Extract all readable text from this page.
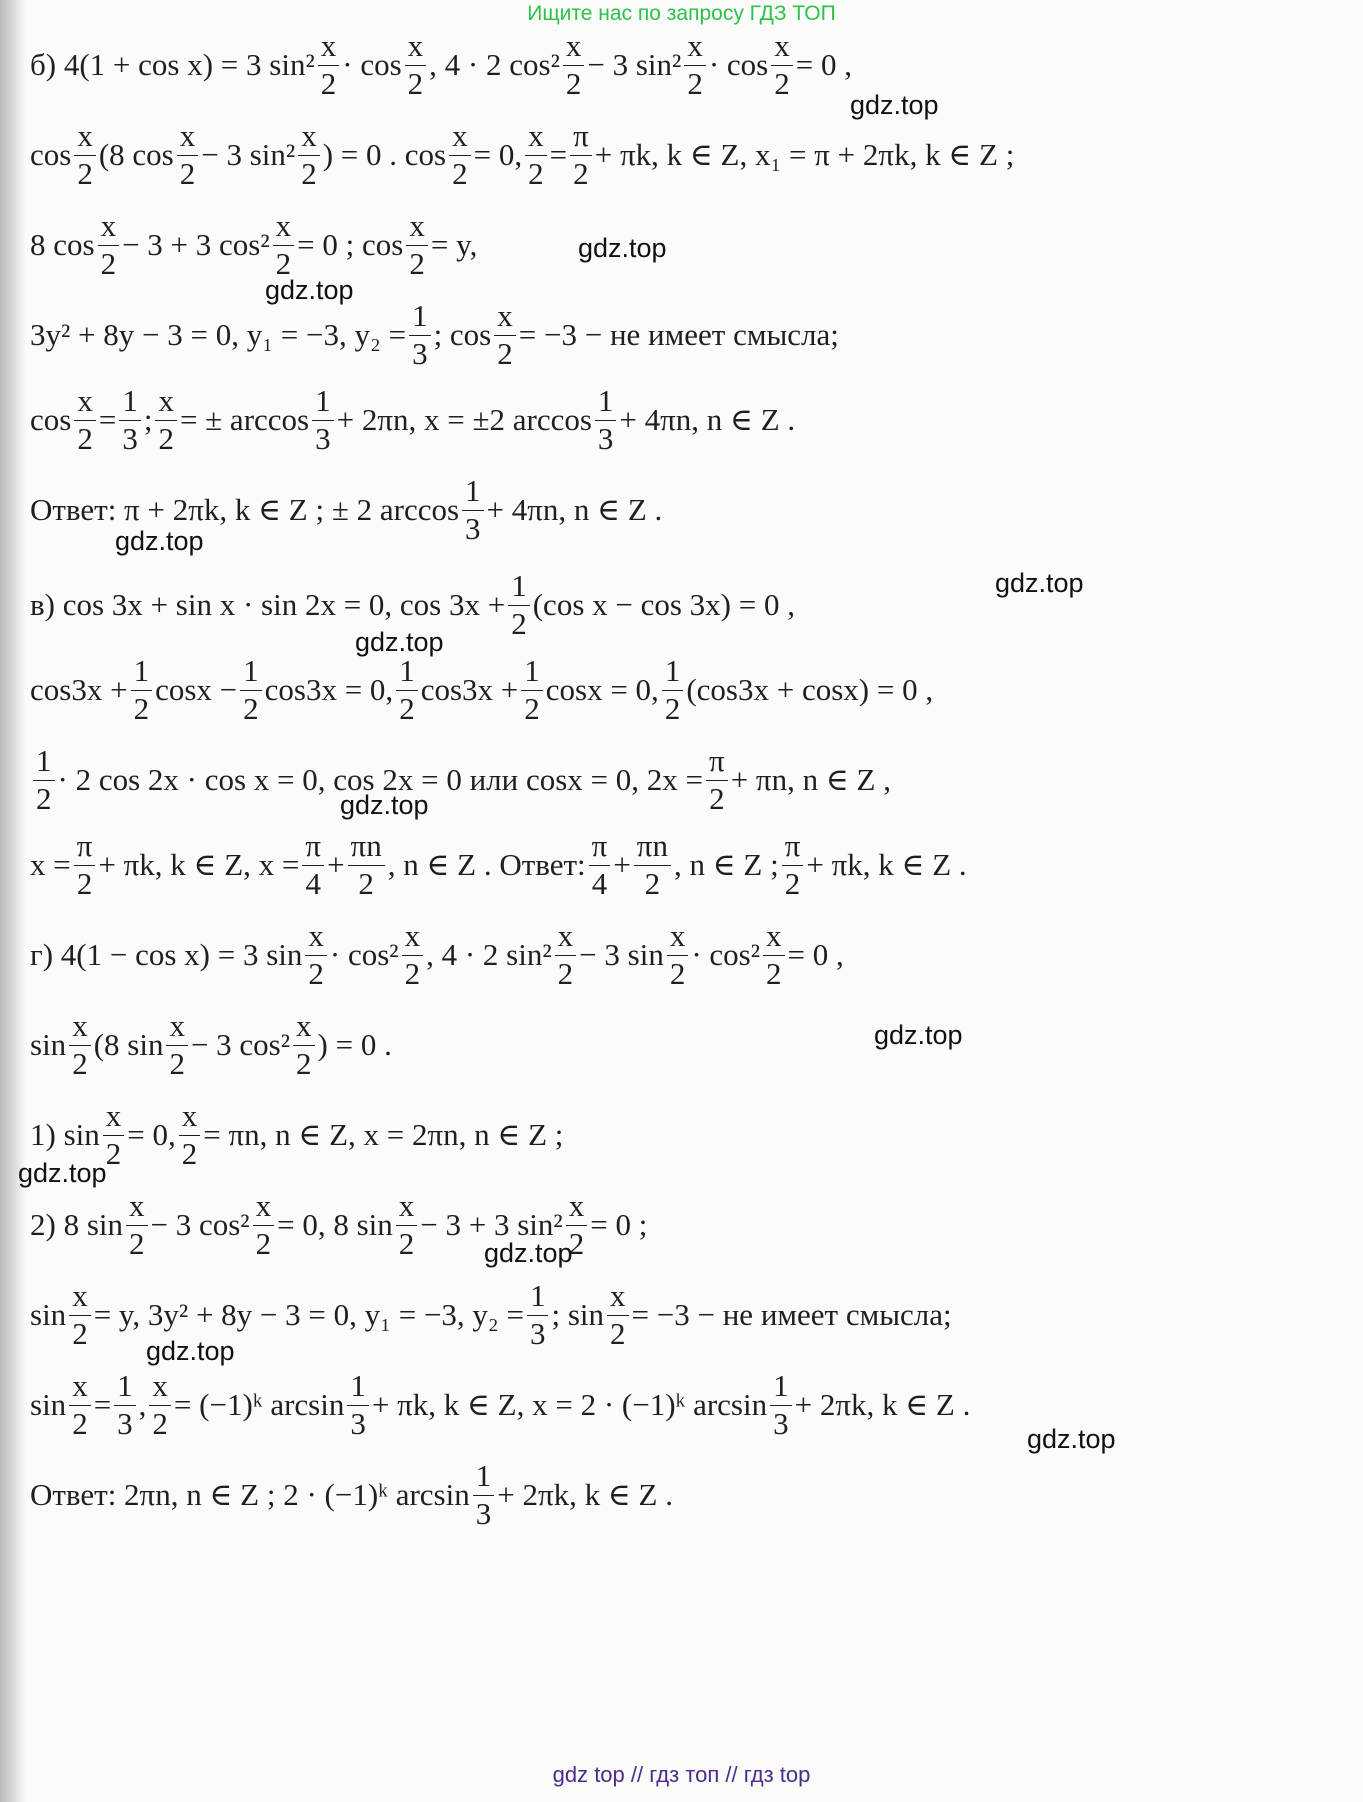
Ищите нас по запросу ГДЗ ТОП
б) 4(1 + cos x) = 3 $\sin^2 \frac{x}{2} \cdot \cos \frac{x}{2}$ , 4 · 2 $\cos^2 \frac{x}{2} - 3$ $\sin^2 \frac{x}{2} \cdot \cos \frac{x}{2} = 0$ ,
$\cos \frac{x}{2} (8$ $\cos \frac{x}{2} - 3$ $\sin^2 \frac{x}{2}$ ) = 0 . $\cos \frac{x}{2} = 0$, $\frac{x}{2} = \frac{\pi}{2} + \pi k$, k ∈ Z, x₁ = π + 2πk, k ∈ Z ;
8 $\cos \frac{x}{2} - 3 + 3$ $\cos^2 \frac{x}{2} = 0$ ; $\cos \frac{x}{2} = y$,
3y² + 8y − 3 = 0, y₁ = −3, $y_2 = \frac{1}{3}$ ; $\cos \frac{x}{2} = -3$ − не имеет смысла;
$\cos \frac{x}{2} = \frac{1}{3}$ ; $\frac{x}{2}$ = ± $\arccos \frac{1}{3} + 2\pi n$, x = ±2 $\arccos \frac{1}{3} + 4\pi n$, n ∈ Z .
Ответ: π + 2πk, k ∈ Z ; ± 2 $\arccos \frac{1}{3} + 4\pi n$, n ∈ Z .
в) cos 3x + sin x · sin 2x = 0, $\cos 3x + \frac{1}{2} (\cos$ x − cos 3x) = 0 ,
$\cos 3x + \frac{1}{2}$ $\cos x - \frac{1}{2} \cos 3x = 0$, $\frac{1}{2} \cos 3x + \frac{1}{2}$ cosx = 0, $\frac{1}{2} (\cos 3x + \cos x) = 0$ ,
$\frac{1}{2} \cdot 2$ cos 2x · cos x = 0, cos 2x = 0 или cosx = 0, $2x = \frac{\pi}{2} + \pi n$, n ∈ Z ,
$x = \frac{\pi}{2} + \pi k$, k ∈ Z, $x = \frac{\pi}{4} + \frac{\pi n}{2}$ , n ∈ Z . Ответ: $\frac{\pi}{4} + \frac{\pi n}{2}$ , n ∈ Z ; $\frac{\pi}{2} + \pi k$, k ∈ Z .
г) 4(1 − cos x) = 3 $\sin \frac{x}{2} \cdot \cos^2 \frac{x}{2}$ , 4 · 2 $\sin^2 \frac{x}{2} - 3$ $\sin \frac{x}{2} \cdot \cos^2 \frac{x}{2} = 0$ ,
$\sin \frac{x}{2} (8$ $\sin \frac{x}{2} - 3$ $\cos^2 \frac{x}{2}$ ) = 0 .
1) $\sin \frac{x}{2} = 0$, $\frac{x}{2} = \pi n$, n ∈ Z, x = 2πn, n ∈ Z ;
2) 8 $\sin \frac{x}{2} - 3$ $\cos^2 \frac{x}{2} = 0$, 8 $\sin \frac{x}{2} - 3 + 3$ $\sin^2 \frac{x}{2} = 0$ ;
$\sin \frac{x}{2} = y$, 3y² + 8y − 3 = 0, y₁ = −3, $y_2 = \frac{1}{3}$ ; $\sin \frac{x}{2} = -3$ − не имеет смысла;
$\sin \frac{x}{2} = \frac{1}{3}$ , $\frac{x}{2}$ = (−1)ᵏ $\arcsin \frac{1}{3} + \pi k$, k ∈ Z, x = 2 · (−1)ᵏ $\arcsin \frac{1}{3} + 2\pi k$, k ∈ Z .
Ответ: 2πn, n ∈ Z ; 2 · (−1)ᵏ $\arcsin \frac{1}{3} + 2\pi k$, k ∈ Z .
gdz.top
gdz.top
gdz.top
gdz.top
gdz.top
gdz.top
gdz.top
gdz.top
gdz.top
gdz.top
gdz.top
gdz.top
gdz top // гдз топ // гдз top
